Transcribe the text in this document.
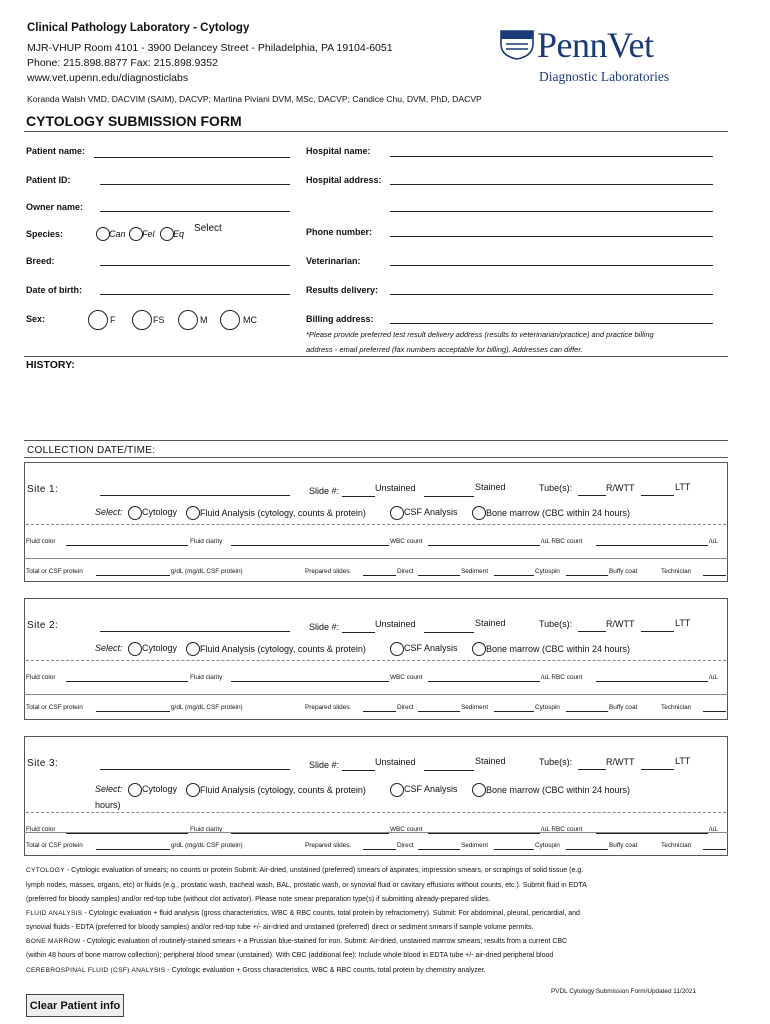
Clinical Pathology Laboratory - Cytology
MJR-VHUP Room 4101 - 3900 Delancey Street - Philadelphia, PA 19104-6051
Phone: 215.898.8877 Fax: 215.898.9352
www.vet.upenn.edu/diagnosticlabs
Koranda Walsh VMD, DACVIM (SAIM), DACVP; Martina Piviani DVM, MSc, DACVP; Candice Chu, DVM, PhD, DACVP
PennVet
Diagnostic Laboratories
CYTOLOGY SUBMISSION FORM
Patient name:
Patient ID:
Owner name:
Species:	Can Fel Eq Select
Breed:
Date of birth:
Sex:	F	FS	M	MC
Hospital name:
Hospital address:
Phone number:
Veterinarian:
Results delivery:
Billing address:
*Please provide preferred test result delivery address (results to veterinarian/practice) and practice billing
address - email preferred (fax numbers acceptable for billing). Addresses can differ.
HISTORY:
COLLECTION DATE/TIME:
Site 1:	Slide #:	Unstained	Stained	Tube(s):	R/WTT	LTT
Select: Cytology	Fluid Analysis (cytology, counts & protein)	CSF Analysis	Bone marrow (CBC within 24 hours)
Fluid color	Fluid clarity	WBC count	/uL RBC count	/uL
Total or CSF protein	g/dL (mg/dL CSF protein)	Prepared slides:	Direct	Sediment	Cytospin	Buffy coat	Technician
Site 2:	Slide #:	Unstained	Stained	Tube(s):	R/WTT	LTT
Select: Cytology	Fluid Analysis (cytology, counts & protein)	CSF Analysis	Bone marrow (CBC within 24 hours)
Fluid color	Fluid clarity	WBC count	/uL RBC count	/uL
Total or CSF protein	g/dL (mg/dL CSF protein)	Prepared slides:	Direct	Sediment	Cytospin	Buffy coat	Technician
Site 3:	Slide #:	Unstained	Stained	Tube(s):	R/WTT	LTT
Select: Cytology	Fluid Analysis (cytology, counts & protein)	CSF Analysis	Bone marrow (CBC within 24 hours)
hours)
Fluid color	Fluid clarity	WBC count	/uL RBC count	/uL
Total or CSF protein	g/dL (mg/dL CSF protein)	Prepared slides:	Direct	Sediment	Cytospin	Buffy coat	Technician
CYTOLOGY - Cytologic evaluation of smears; no counts or protein Submit: Air-dried, unstained (preferred) smears of aspirates, impression smears, or scrapings of solid tissue (e.g.
lymph nodes, masses, organs, etc) or fluids (e.g., prostatic wash, tracheal wash, BAL, prostatic wash, or synovial fluid or cavitary effusions without counts, etc.). Submit fluid in EDTA
(preferred for bloody samples) and/or red-top tube (without clot activator). Please note smear preparation type(s) if submitting already-prepared slides.
FLUID ANALYSIS - Cytologic evaluation + fluid analysis (gross characteristics, WBC & RBC counts, total protein by refractometry). Submit: For abdominal, pleural, pericardial, and
synovial fluids - EDTA (preferred for bloody samples) and/or red-top tube +/- air-dried and unstained (preferred) direct or sediment smears if sample volume permits.
BONE MARROW - Cytologic evaluation of routinely-stained smears + a Prussian blue-stained for iron. Submit: Air-dried, unstained marrow smears; results from a current CBC
(within 48 hours of bone marrow collection); peripheral blood smear (unstained). With CBC (additional fee): Include whole blood in EDTA tube +/- air-dried peripheral blood
CEREBROSPINAL FLUID (CSF) ANALYSIS - Cytologic evaluation + Gross characteristics, WBC & RBC counts, total protein by chemistry analyzer.
PVDL Cytology Submission Form/Updated 11/2021
Clear Patient info
